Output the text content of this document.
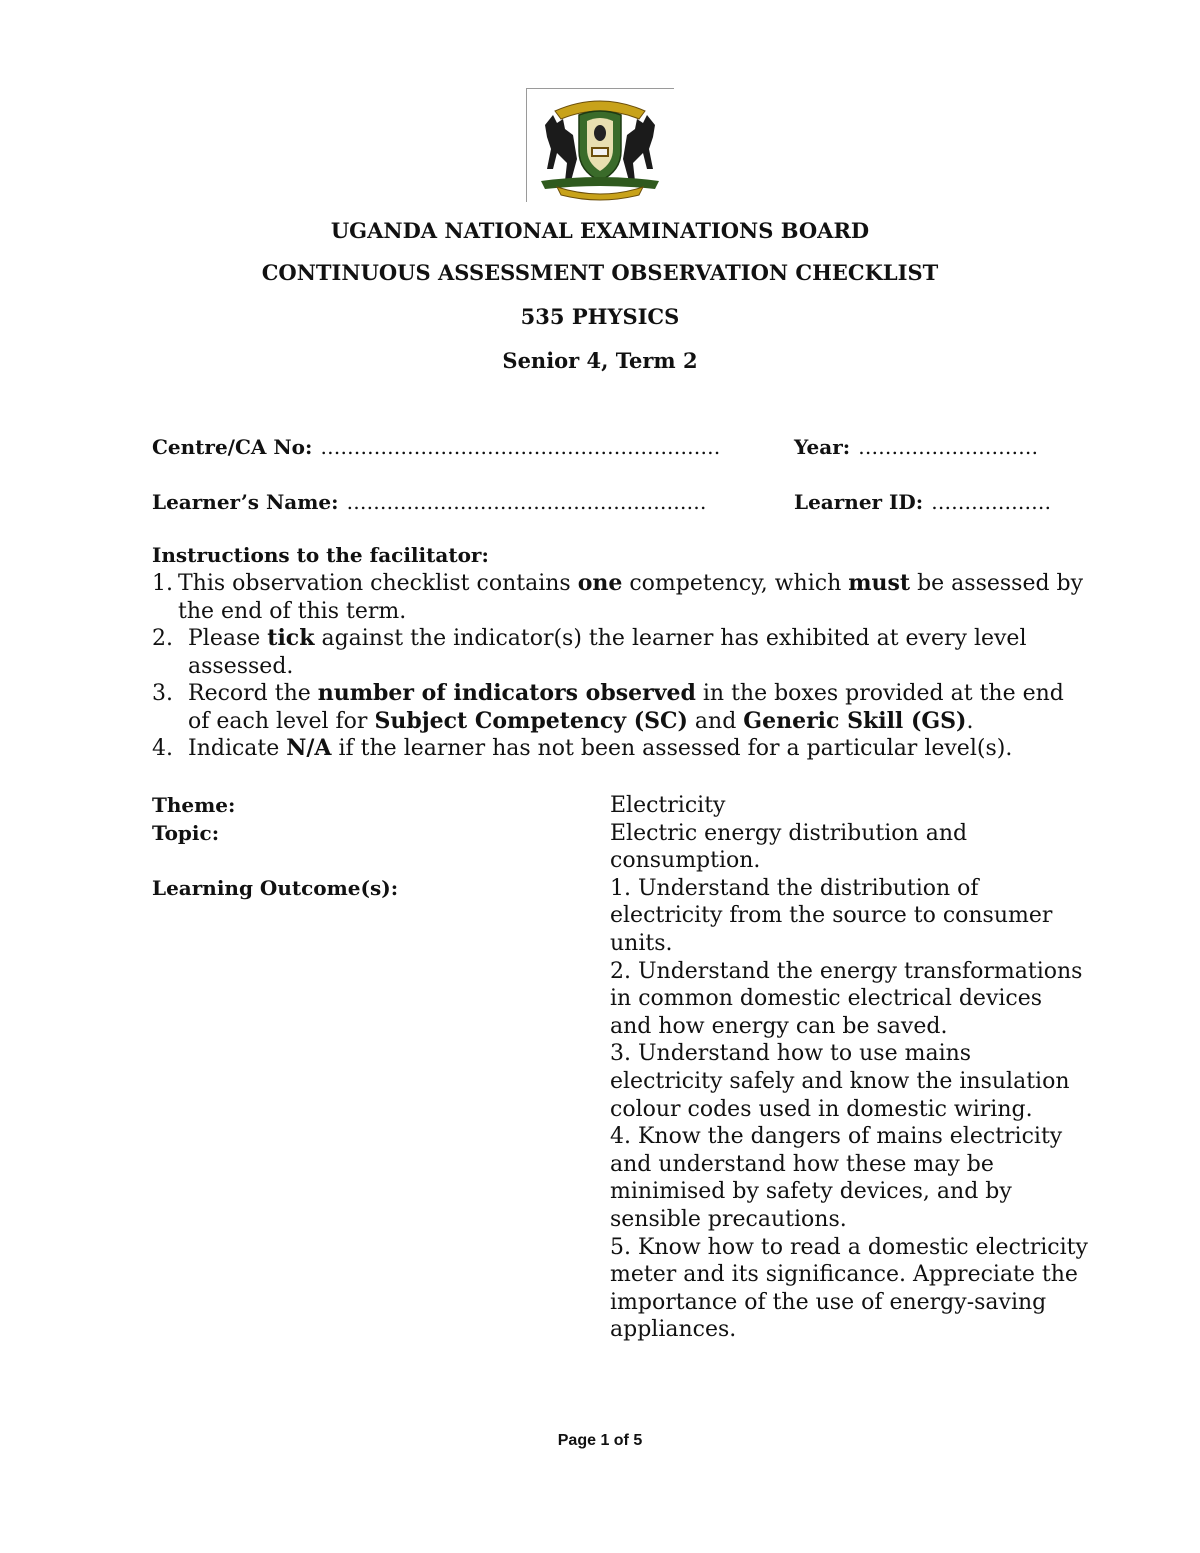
UGANDA NATIONAL EXAMINATIONS BOARD
CONTINUOUS ASSESSMENT OBSERVATION CHECKLIST
535 PHYSICS
Senior 4, Term 2
Centre/CA No: ……………………………………………………	Year: ………………………
Learner’s Name: ………………………………………………	Learner ID: ………………
Instructions to the facilitator:
1. This observation checklist contains one competency, which must be assessed by the end of this term.
2. Please tick against the indicator(s) the learner has exhibited at every level assessed.
3. Record the number of indicators observed in the boxes provided at the end of each level for Subject Competency (SC) and Generic Skill (GS).
4. Indicate N/A if the learner has not been assessed for a particular level(s).
Theme:	Electricity
Topic:	Electric energy distribution and consumption.
Learning Outcome(s):	1. Understand the distribution of electricity from the source to consumer units.
2. Understand the energy transformations in common domestic electrical devices and how energy can be saved.
3. Understand how to use mains electricity safely and know the insulation colour codes used in domestic wiring.
4. Know the dangers of mains electricity and understand how these may be minimised by safety devices, and by sensible precautions.
5. Know how to read a domestic electricity meter and its significance. Appreciate the importance of the use of energy-saving appliances.
Page 1 of 5
